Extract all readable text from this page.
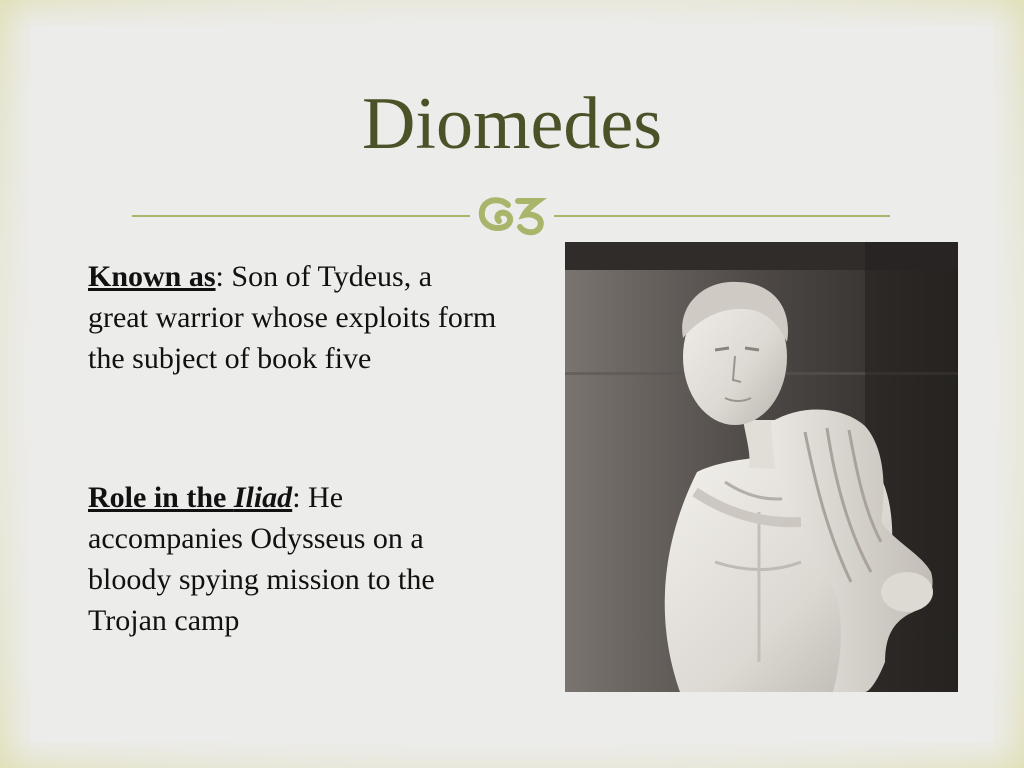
Diomedes
Known as: Son of Tydeus, a great warrior whose exploits form the subject of book five
Role in the Iliad: He accompanies Odysseus on a bloody spying mission to the Trojan camp
